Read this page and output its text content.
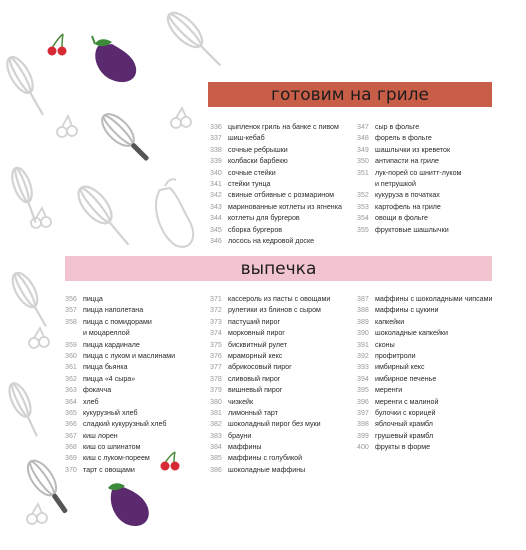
готовим на гриле
336 цыпленок гриль на банке с пивом
337 шиш-кебаб
338 сочные ребрышки
339 колбаски барбекю
340 сочные стейки
341 стейки тунца
342 свиные отбивные с розмарином
343 маринованные котлеты из ягненка
344 котлеты для бургеров
345 сборка бургеров
346 лосось на кедровой доске
347 сыр в фольге
348 форель в фольге
349 шашлычки из креветок
350 антипасти на гриле
351 лук-порей со шнитт-луком
и петрушкой
352 кукуруза в початках
353 картофель на гриле
354 овощи в фольге
355 фруктовые шашлычки
выпечка
356 пицца
357 пицца наполетана
358 пицца с помидорами
и моцареллой
359 пицца кардинале
360 пицца с луком и маслинами
361 пицца бьянка
362 пицца «4 сыра»
363 фокачча
364 хлеб
365 кукурузный хлеб
366 сладкий кукурузный хлеб
367 киш лорен
368 киш со шпинатом
369 киш с луком-пореем
370 тарт с овощами
371 кассероль из пасты с овощами
372 рулетики из блинов с сыром
373 пастуший пирог
374 морковный пирог
375 бисквитный рулет
376 мраморный кекс
377 абрикосовый пирог
378 сливовый пирог
379 вишневый пирог
380 чизкейк
381 лимонный тарт
382 шоколадный пирог без муки
383 брауни
384 маффины
385 маффины с голубикой
386 шоколадные маффины
387 маффины с шоколадными чипсами
388 маффины с цукини
389 капкейки
390 шоколадные капкейки
391 сконы
392 профитроли
393 имбирный кекс
394 имбирное печенье
395 меренги
396 меренги с малиной
397 булочки с корицей
398 яблочный крамбл
399 грушевый крамбл
400 фрукты в форме
